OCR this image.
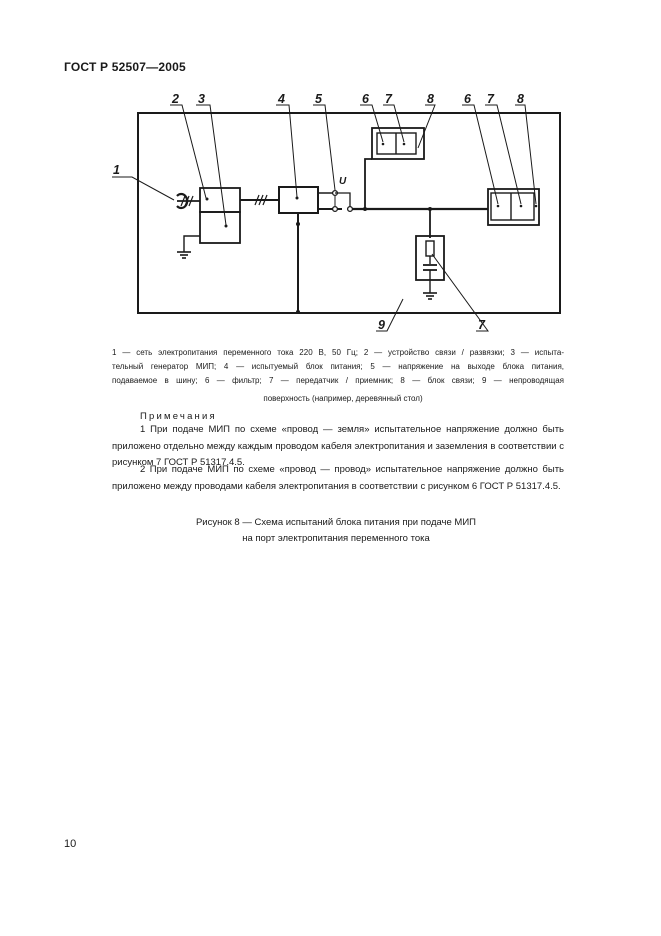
ГОСТ Р 52507—2005
U
1
2 3	4 5	6 7	8 6 7 8
9	7
1 — сеть электропитания переменного тока 220 В, 50 Гц; 2 — устройство связи / развязки; 3 — испыта-
тельный генератор МИП; 4 — испытуемый блок питания; 5 — напряжение на выходе блока питания,
подаваемое в шину; 6 — фильтр; 7 — передатчик / приемник; 8 — блок связи; 9 — непроводящая
поверхность (например, деревянный стол)
Примечания
1 При подаче МИП по схеме «провод — земля» испытательное напряжение должно быть приложено отдельно между каждым проводом кабеля электропитания и заземления в соответствии с рисунком 7 ГОСТ Р 51317.4.5.
2 При подаче МИП по схеме «провод — провод» испытательное напряжение должно быть приложено между проводами кабеля электропитания в соответствии с рисунком 6 ГОСТ Р 51317.4.5.
Рисунок 8 — Схема испытаний блока питания при подаче МИП
на порт электропитания переменного тока
10
